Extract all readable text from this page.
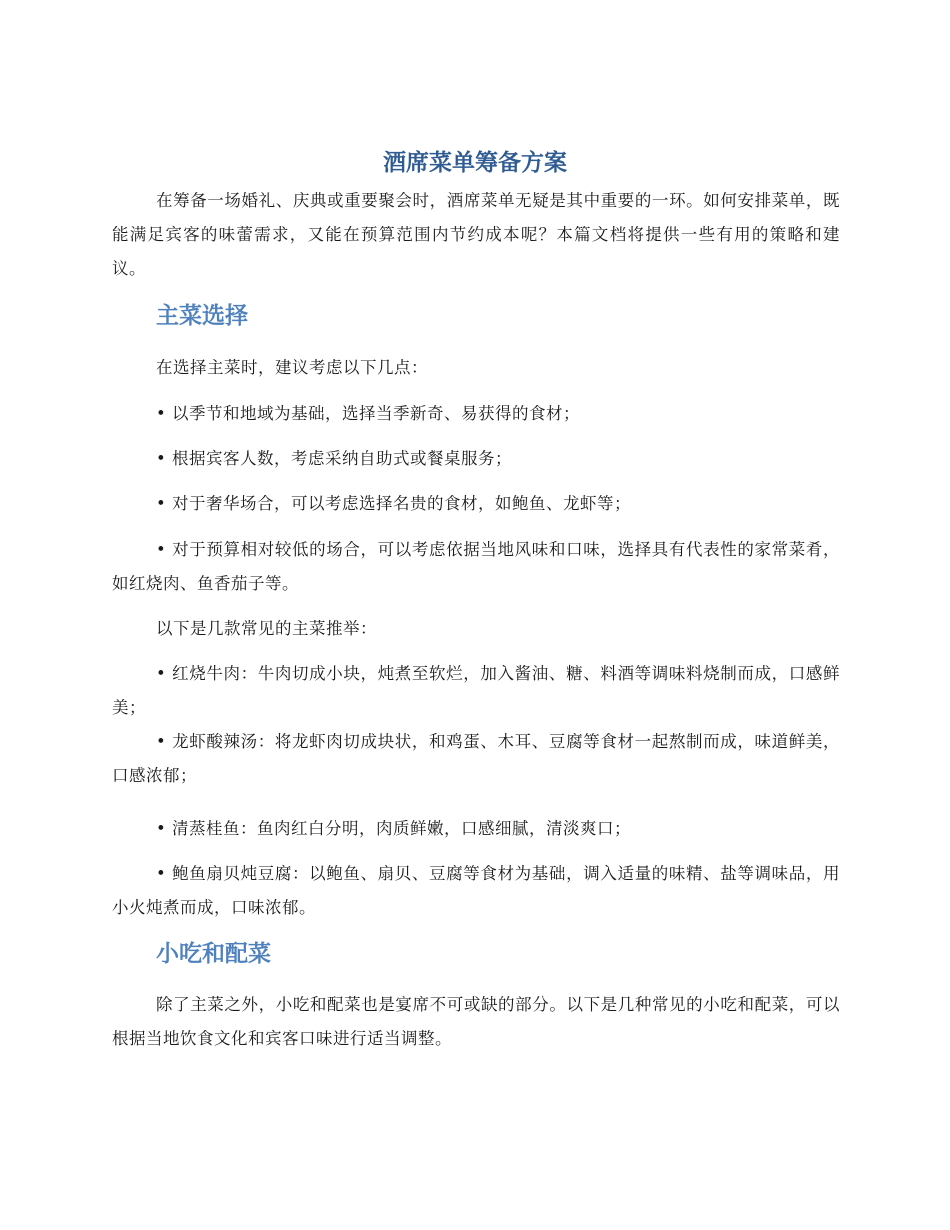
酒席菜单筹备方案

在筹备一场婚礼、庆典或重要聚会时，酒席菜单无疑是其中重要的一环。如何安排菜单，既能满足宾客的味蕾需求，又能在预算范围内节约成本呢？本篇文档将提供一些有用的策略和建议。

主菜选择

在选择主菜时，建议考虑以下几点：

• 以季节和地域为基础，选择当季新奇、易获得的食材；

• 根据宾客人数，考虑采纳自助式或餐桌服务；

• 对于奢华场合，可以考虑选择名贵的食材，如鲍鱼、龙虾等；

• 对于预算相对较低的场合，可以考虑依据当地风味和口味，选择具有代表性的家常菜肴，如红烧肉、鱼香茄子等。

以下是几款常见的主菜推举：

• 红烧牛肉：牛肉切成小块，炖煮至软烂，加入酱油、糖、料酒等调味料烧制而成，口感鲜美；

• 龙虾酸辣汤：将龙虾肉切成块状，和鸡蛋、木耳、豆腐等食材一起熬制而成，味道鲜美，口感浓郁；

• 清蒸桂鱼：鱼肉红白分明，肉质鲜嫩，口感细腻，清淡爽口；

• 鲍鱼扇贝炖豆腐：以鲍鱼、扇贝、豆腐等食材为基础，调入适量的味精、盐等调味品，用小火炖煮而成，口味浓郁。

小吃和配菜

除了主菜之外，小吃和配菜也是宴席不可或缺的部分。以下是几种常见的小吃和配菜，可以根据当地饮食文化和宾客口味进行适当调整。
